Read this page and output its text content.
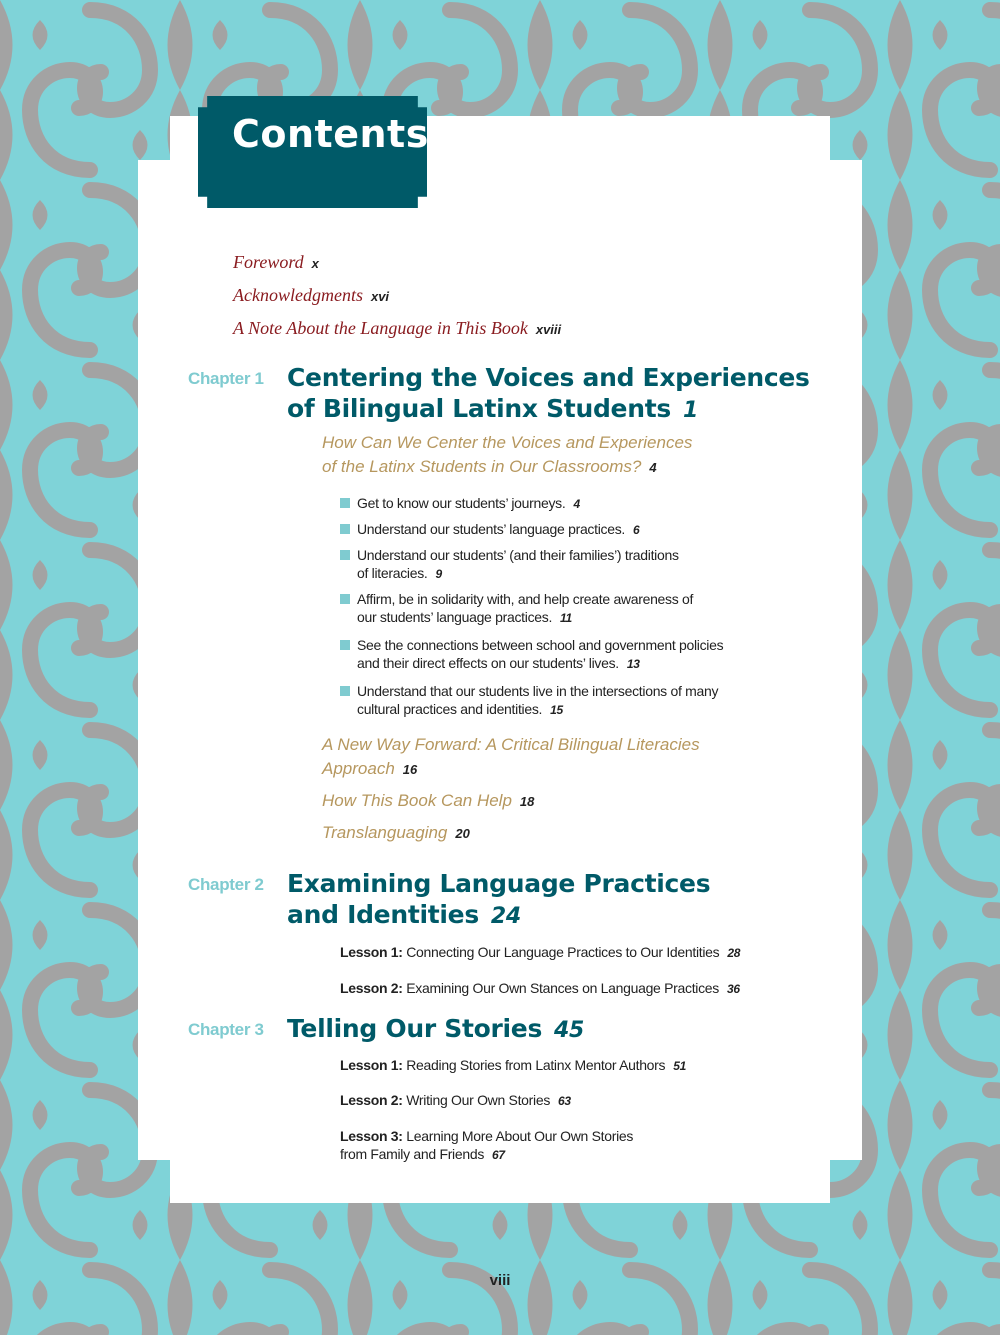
Contents
Foreword x
Acknowledgments xvi
A Note About the Language in This Book xviii
Chapter 1 Centering the Voices and Experiences
of Bilingual Latinx Students 1
How Can We Center the Voices and Experiences
of the Latinx Students in Our Classrooms? 4
Get to know our students’ journeys. 4
Understand our students’ language practices. 6
Understand our students’ (and their families’) traditions
of literacies. 9
Affirm, be in solidarity with, and help create awareness of
our students’ language practices. 11
See the connections between school and government policies
and their direct effects on our students’ lives. 13
Understand that our students live in the intersections of many
cultural practices and identities. 15
A New Way Forward: A Critical Bilingual Literacies
Approach 16
How This Book Can Help 18
Translanguaging 20
Chapter 2 Examining Language Practices
and Identities 24
Lesson 1: Connecting Our Language Practices to Our Identities 28
Lesson 2: Examining Our Own Stances on Language Practices 36
Chapter 3 Telling Our Stories 45
Lesson 1: Reading Stories from Latinx Mentor Authors 51
Lesson 2: Writing Our Own Stories 63
Lesson 3: Learning More About Our Own Stories
from Family and Friends 67
viii
